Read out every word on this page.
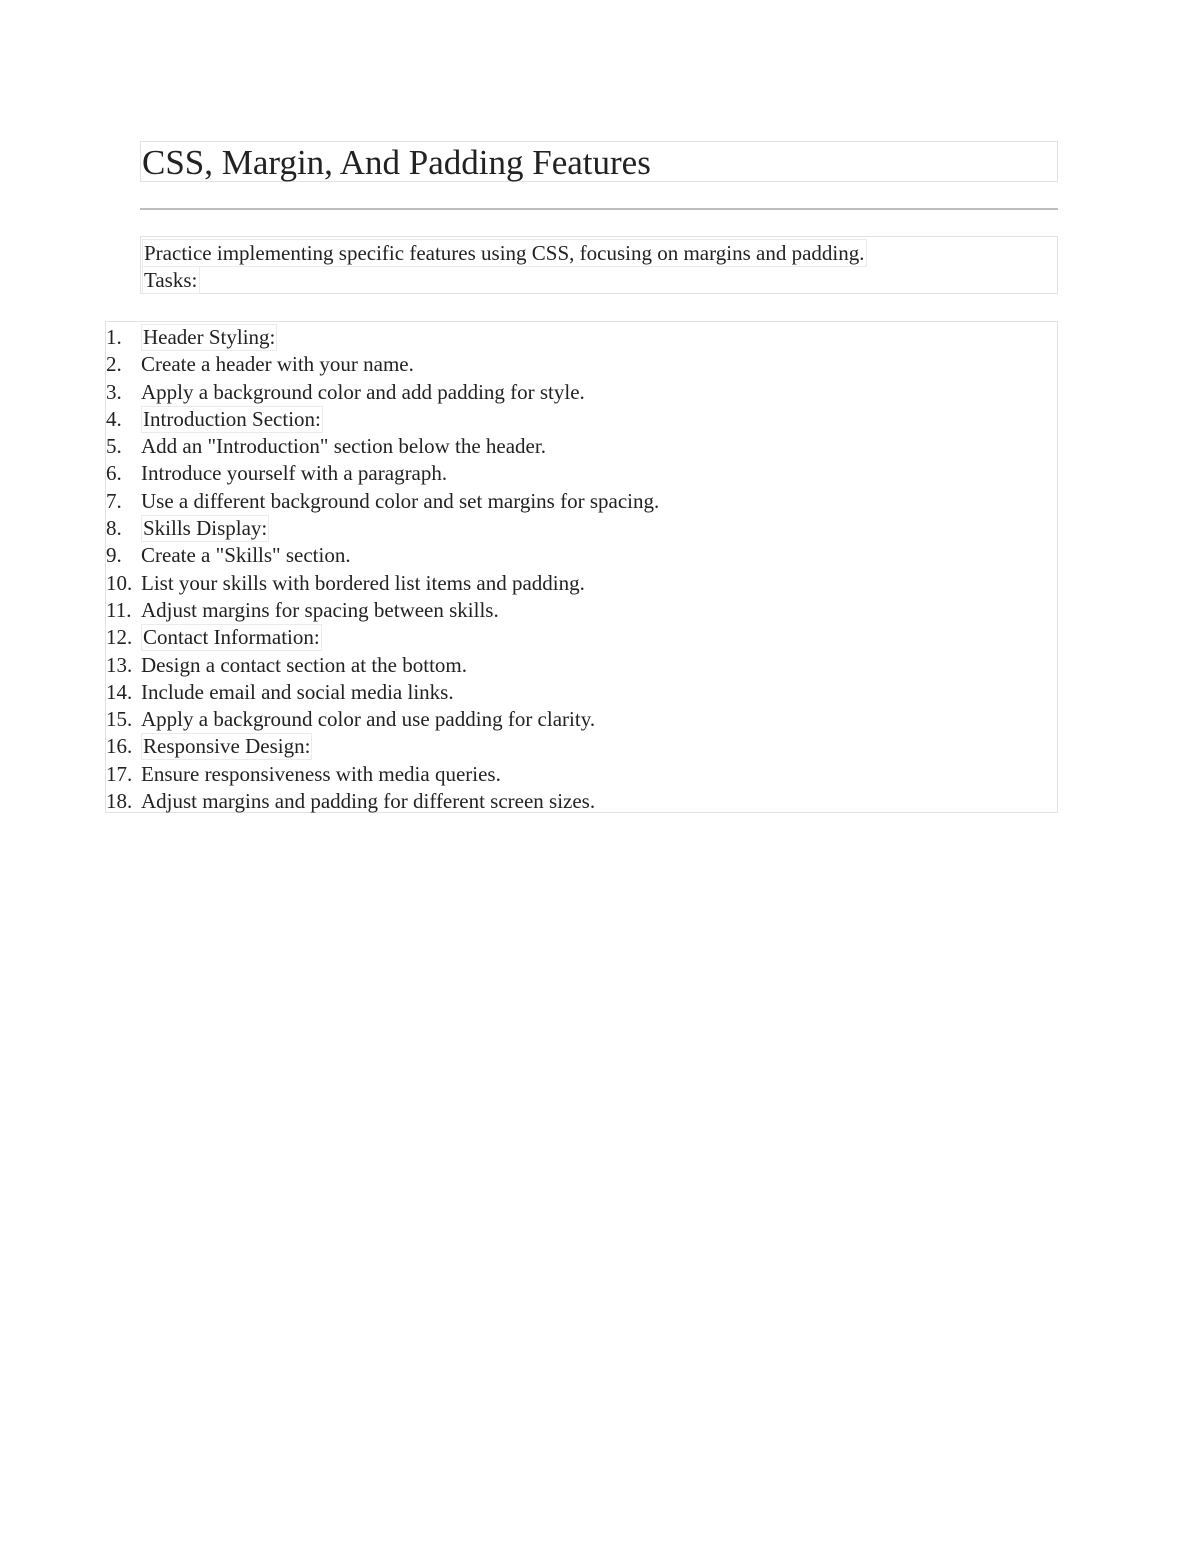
CSS, Margin, And Padding Features
Practice implementing specific features using CSS, focusing on margins and padding.
Tasks:
1.	Header Styling:
2. Create a header with your name.
3. Apply a background color and add padding for style.
4.	Introduction Section:
5. Add an "Introduction" section below the header.
6. Introduce yourself with a paragraph.
7. Use a different background color and set margins for spacing.
8.	Skills Display:
9. Create a "Skills" section.
10. List your skills with bordered list items and padding.
11. Adjust margins for spacing between skills.
12. Contact Information:
13. Design a contact section at the bottom.
14. Include email and social media links.
15. Apply a background color and use padding for clarity.
16. Responsive Design:
17. Ensure responsiveness with media queries.
18. Adjust margins and padding for different screen sizes.
